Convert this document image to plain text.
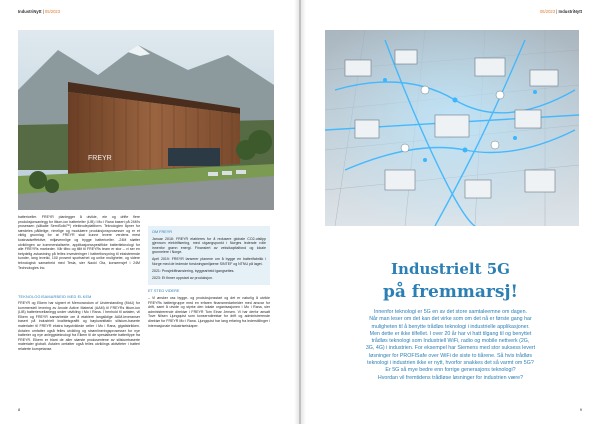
IndustriNytt | 05/2023
FREYR

battericeller. FREYR planlegger å utvikle, eie og drifte flere produksjonsanlegg for litium-ion batterieller (LIB) i Mo i Rana basert på 24M's prosessen (såkalte SemiSolid™) elektrodeplattform. Teknologien åpner for særdeles pålitelige, rimelige og modulære produksjonsprosesser og er et viktig grunnlag for at FREYR skal kunne levere verdens mest kostnadseffektive, miljøvennlige og trygge battericeller. -24M støtter utviklingen av kommersialiserte, applikasjonsspesifikke batteriteknologi for alle FREYRs markeder. Vår tiltro og tillit til FREYRs team er stor – vi ser en betydelig avkastning på felles investeringer i batteriforsyning til eksisterende kunder, lang levetid, 100 prosent sporbarhet og unike muligheter, og videre teknologisk samarbeid med Tesla, sier Naoki Ota, konsernsjef i 24M Technologies Inc.

TEKNOLOGISAMARBEID MED ELKEM

FREYR og Elkem har signert et Memorandum of Understanding (MoU) for kommersiell levering av Anode Active Material (AAM) til FREYRs litium-ion (LIB) batteriercellanlegg under utvikling i Mo i Rana. I henhold til avtalen, vil Elkem og FREYR samarbeide om å etablere langsiktige AAM-leveranser basert på industrielt kvalitetsgrafitt og høykvantitativ silisium-baserte materialer til FREYR ekstra høyutviklede celler i Mo i Rana, gigafabrikken. Avtalen omfatter også felles utvikling og strømlineringsprosesser for nye batterier og nye anleggsteknologi fra Elkem til de spesialiserte batteritype fra FREYR. Elkem er blant de aller største produsentene av silisiumbaserte materialer globalt. Avtalen omfatter også felles utviklings aktiviteter i batteri relaterte kompetanse.

OM FREYR

Januar 2018: FREYR etableres for å redusere globale CO2-utslipp gjennom elektrifisering, med utgangspunkt i Norges ledende rolle innenfor grønn energi. Finansiert av veksikapitalfond og lokale grunneiere i Norge.

April 2019: FREYR lanserer planene om å bygge en batterifabrikk i Norge med de ledende forskningsmiljøene SINTEF og NTNU på laget.

2021: Prosjektfinansiering, byggearbeid igangsettes.

2023: Et finner oppstart av produksjon.

ET STEG VIDERE

– Vi ønsker oss bygge- og produksjonsstart og det er naturlig å utvikle FREYRs batterigruppe med en erfaren finansmedarbeider med ansvar for drift, samt å utvide og styrke den lokale organisasjonen i Mo i Rana, sier administrerende direktør i FREYR Tom Einar Jensen. Vi har derfor ansatt Tove Nilsen Ljungquist som konserndirektør for drift og administrerende direktør for FREYR Mo i Rana. Ljungquist har lang erfaring fra lederstillinger i internasjonale industriselskaper.

8
05/2023 | IndustriNytt
Industrielt 5G
på fremmarsj!
Innenfor teknologi er 5G en av det store samtaleemne om dagen.
Når man leser om det kan det virke som om det nå er første gang har
muligheten til å benytte trådløs teknologi i industrielle applikasjoner.
Men dette er ikke tilfellet. I over 20 år har vi hatt tilgang til og benyttet
trådløs teknologi som Industriell WiFi, radio og mobile nettverk (2G,
3G, 4G) i industrien. For eksempel har Siemens med stor suksess levert
løsninger for PROFISafe over WiFi de siste to tiårene. Så hvis trådløs
teknologi i industrien ikke er nytt, hvorfor snakkes det så varmt om 5G?
Er 5G så mye bedre enn forrige generasjons teknologi?
Hvordan vil fremtidens trådløse løsninger for industrien være?
9
